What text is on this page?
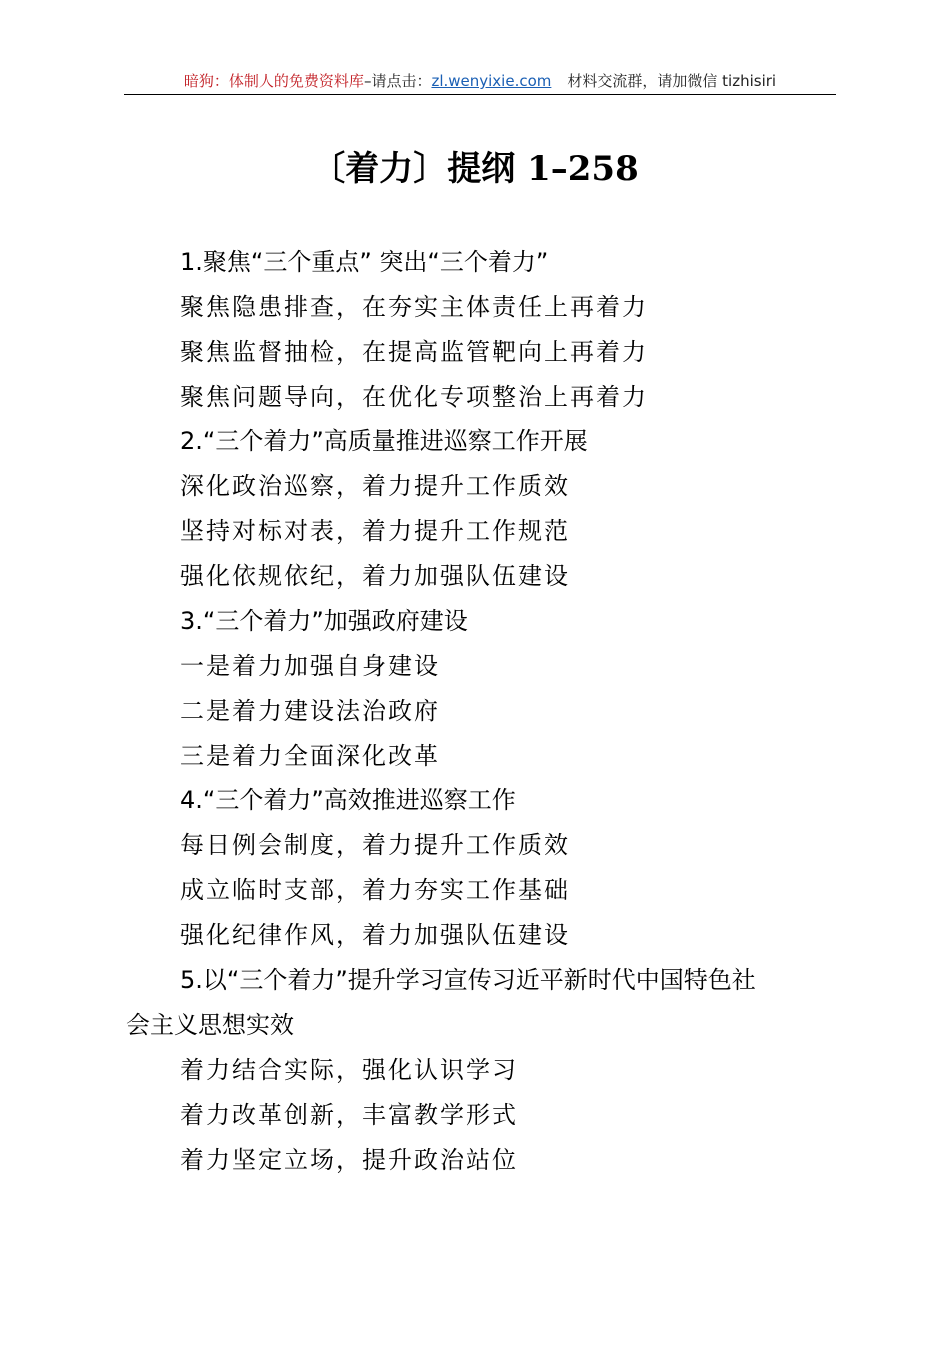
暗狗：体制人的免费资料库–请点击：zl.wenyixie.com 材料交流群，请加微信 tizhisiri
〔着力〕提纲 1–258
1.聚焦“三个重点” 突出“三个着力”
聚焦隐患排查，在夯实主体责任上再着力
聚焦监督抽检，在提高监管靶向上再着力
聚焦问题导向，在优化专项整治上再着力
2.“三个着力”高质量推进巡察工作开展
深化政治巡察，着力提升工作质效
坚持对标对表，着力提升工作规范
强化依规依纪，着力加强队伍建设
3.“三个着力”加强政府建设
一是着力加强自身建设
二是着力建设法治政府
三是着力全面深化改革
4.“三个着力”高效推进巡察工作
每日例会制度，着力提升工作质效
成立临时支部，着力夯实工作基础
强化纪律作风，着力加强队伍建设
5.以“三个着力”提升学习宣传习近平新时代中国特色社
会主义思想实效
着力结合实际，强化认识学习
着力改革创新，丰富教学形式
着力坚定立场，提升政治站位
